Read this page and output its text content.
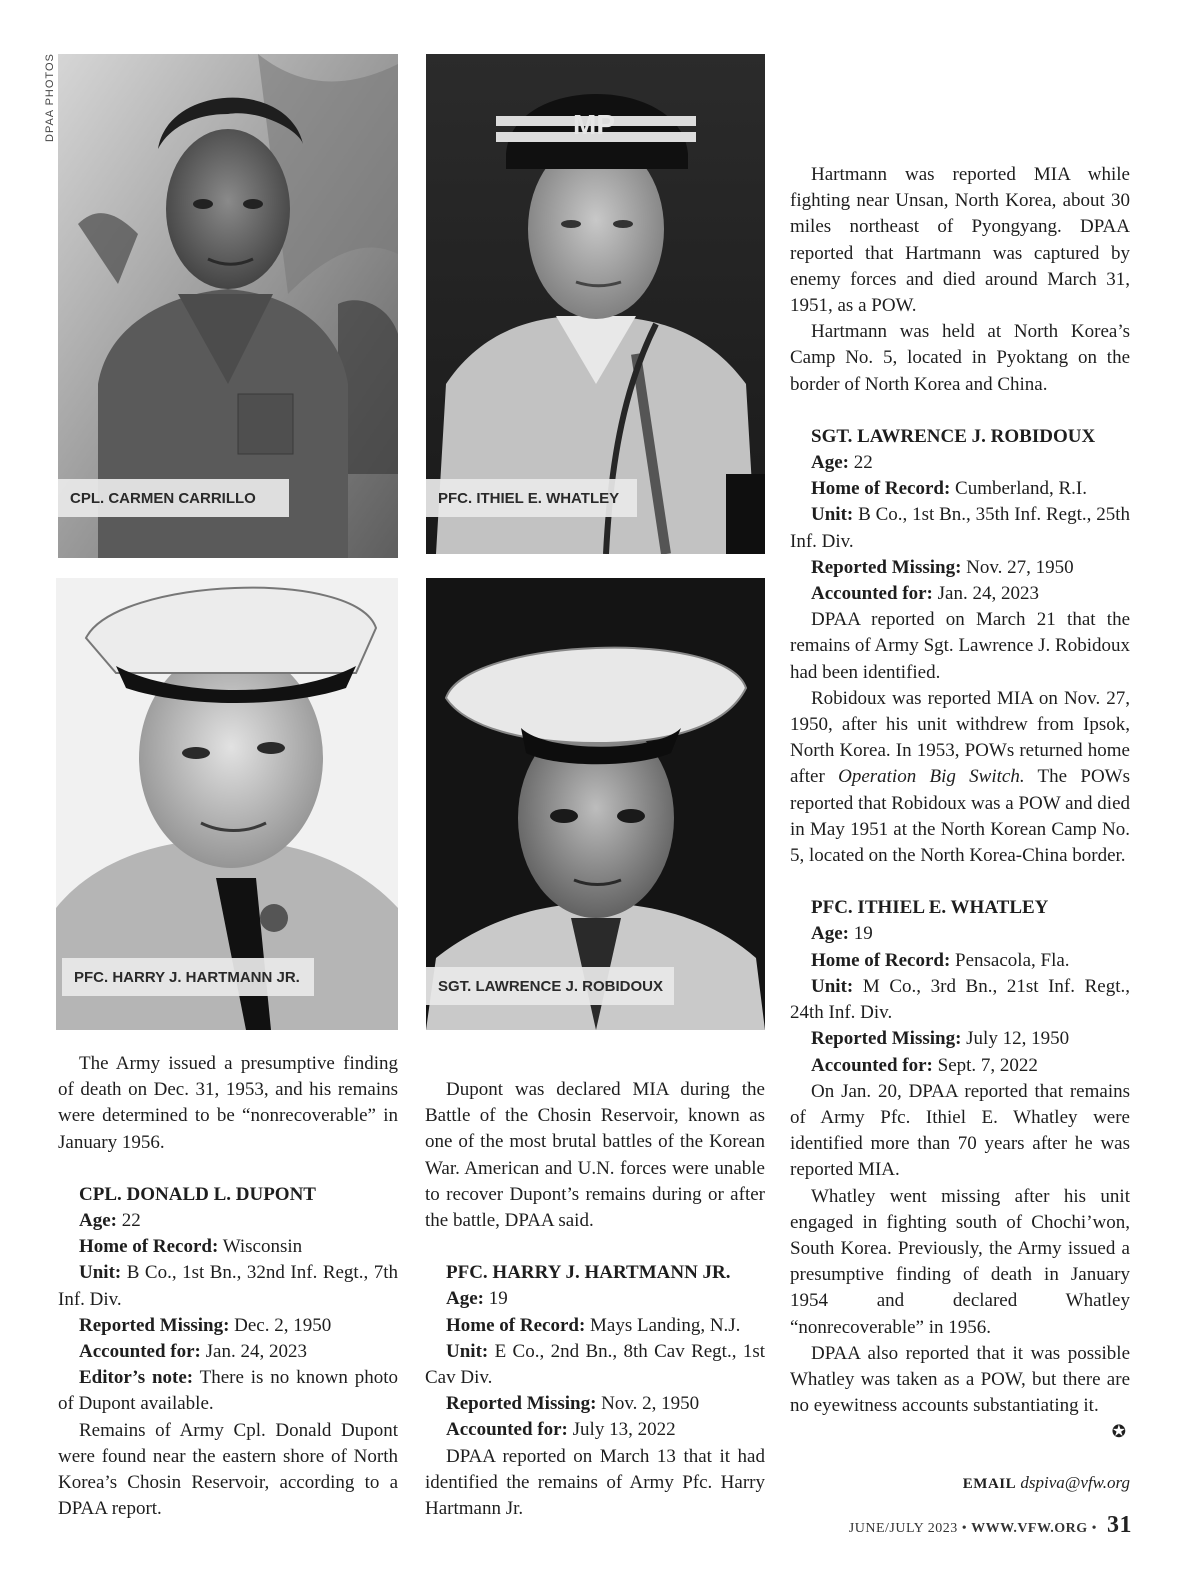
DPAA PHOTOS
CPL. CARMEN CARRILLO
MP
PFC. ITHIEL E. WHATLEY
PFC. HARRY J. HARTMANN JR.
SGT. LAWRENCE J. ROBIDOUX

The Army issued a presumptive finding of death on Dec. 31, 1953, and his remains were determined to be “nonrecoverable” in January 1956.

CPL. DONALD L. DUPONT

Age: 22

Home of Record: Wisconsin

Unit: B Co., 1st Bn., 32nd Inf. Regt., 7th Inf. Div.

Reported Missing: Dec. 2, 1950

Accounted for: Jan. 24, 2023

Editor’s note: There is no known photo of Dupont available.

Remains of Army Cpl. Donald Dupont were found near the eastern shore of North Korea’s Chosin Reservoir, according to a DPAA report.

Dupont was declared MIA during the Battle of the Chosin Reservoir, known as one of the most brutal battles of the Korean War. American and U.N. forces were unable to recover Dupont’s remains during or after the battle, DPAA said.

PFC. HARRY J. HARTMANN JR.

Age: 19

Home of Record: Mays Landing, N.J.

Unit: E Co., 2nd Bn., 8th Cav Regt., 1st Cav Div.

Reported Missing: Nov. 2, 1950

Accounted for: July 13, 2022

DPAA reported on March 13 that it had identified the remains of Army Pfc. Harry Hartmann Jr.

Hartmann was reported MIA while fighting near Unsan, North Korea, about 30 miles northeast of Pyongyang. DPAA reported that Hartmann was captured by enemy forces and died around March 31, 1951, as a POW.

Hartmann was held at North Korea’s Camp No. 5, located in Pyoktang on the border of North Korea and China.

SGT. LAWRENCE J. ROBIDOUX

Age: 22

Home of Record: Cumberland, R.I.

Unit: B Co., 1st Bn., 35th Inf. Regt., 25th Inf. Div.

Reported Missing: Nov. 27, 1950

Accounted for: Jan. 24, 2023

DPAA reported on March 21 that the remains of Army Sgt. Lawrence J. Robidoux had been identified.

Robidoux was reported MIA on Nov. 27, 1950, after his unit withdrew from Ipsok, North Korea. In 1953, POWs returned home after Operation Big Switch. The POWs reported that Robidoux was a POW and died in May 1951 at the North Korean Camp No. 5, located on the North Korea-China border.

PFC. ITHIEL E. WHATLEY

Age: 19

Home of Record: Pensacola, Fla.

Unit: M Co., 3rd Bn., 21st Inf. Regt., 24th Inf. Div.

Reported Missing: July 12, 1950

Accounted for: Sept. 7, 2022

On Jan. 20, DPAA reported that remains of Army Pfc. Ithiel E. Whatley were identified more than 70 years after he was reported MIA.

Whatley went missing after his unit engaged in fighting south of Chochi’won, South Korea. Previously, the Army issued a presumptive finding of death in January 1954 and declared Whatley “nonrecoverable” in 1956.

DPAA also reported that it was possible Whatley was taken as a POW, but there are no eyewitness accounts substantiating it.
✪

EMAIL dspiva@vfw.org
JUNE/JULY 2023 • WWW.VFW.ORG • 31
